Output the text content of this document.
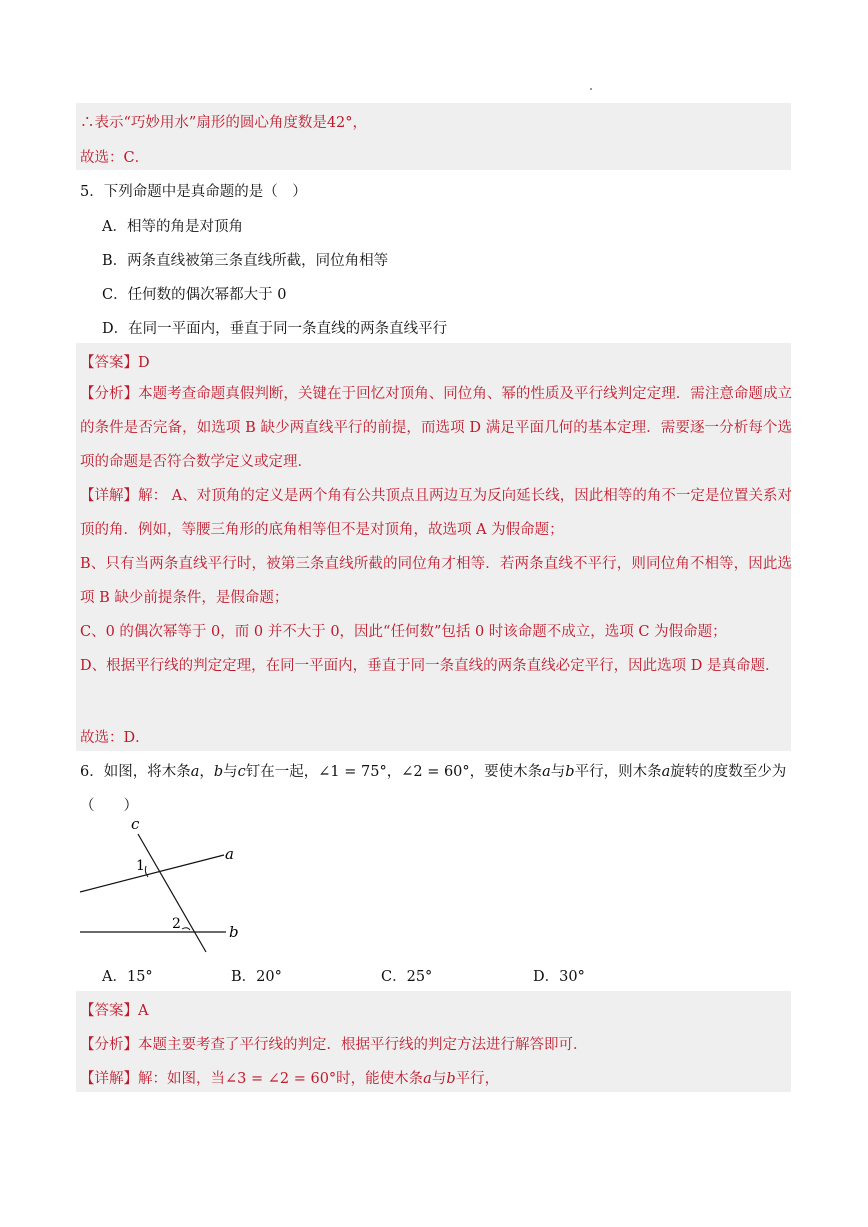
∴表示“巧妙用水”扇形的圆心角度数是42°，
故选：C．
5．下列命题中是真命题的是（　）
A．相等的角是对顶角
B．两条直线被第三条直线所截，同位角相等
C．任何数的偶次幂都大于 0
D．在同一平面内，垂直于同一条直线的两条直线平行
【答案】D
【分析】本题考查命题真假判断，关键在于回忆对顶角、同位角、幂的性质及平行线判定定理．需注意命题成立的条件是否完备，如选项 B 缺少两直线平行的前提，而选项 D 满足平面几何的基本定理．需要逐一分析每个选项的命题是否符合数学定义或定理．
【详解】解： A、对顶角的定义是两个角有公共顶点且两边互为反向延长线，因此相等的角不一定是位置关系对顶的角．例如，等腰三角形的底角相等但不是对顶角，故选项 A 为假命题；
B、只有当两条直线平行时，被第三条直线所截的同位角才相等．若两条直线不平行，则同位角不相等，因此选项 B 缺少前提条件，是假命题；
C、0 的偶次幂等于 0，而 0 并不大于 0，因此“任何数”包括 0 时该命题不成立，选项 C 为假命题；
D、根据平行线的判定定理，在同一平面内，垂直于同一条直线的两条直线必定平行，因此选项 D 是真命题．
故选：D．
6．如图，将木条𝑎，𝑏与𝑐钉在一起，∠1 = 75°，∠2 = 60°，要使木条𝑎与𝑏平行，则木条𝑎旋转的度数至少为
（　　）
c
a
b
1
2
A．15°	B．20°	C．25°	D．30°
【答案】A
【分析】本题主要考查了平行线的判定．根据平行线的判定方法进行解答即可．
【详解】解：如图，当∠3 = ∠2 = 60°时，能使木条𝑎与𝑏平行，
